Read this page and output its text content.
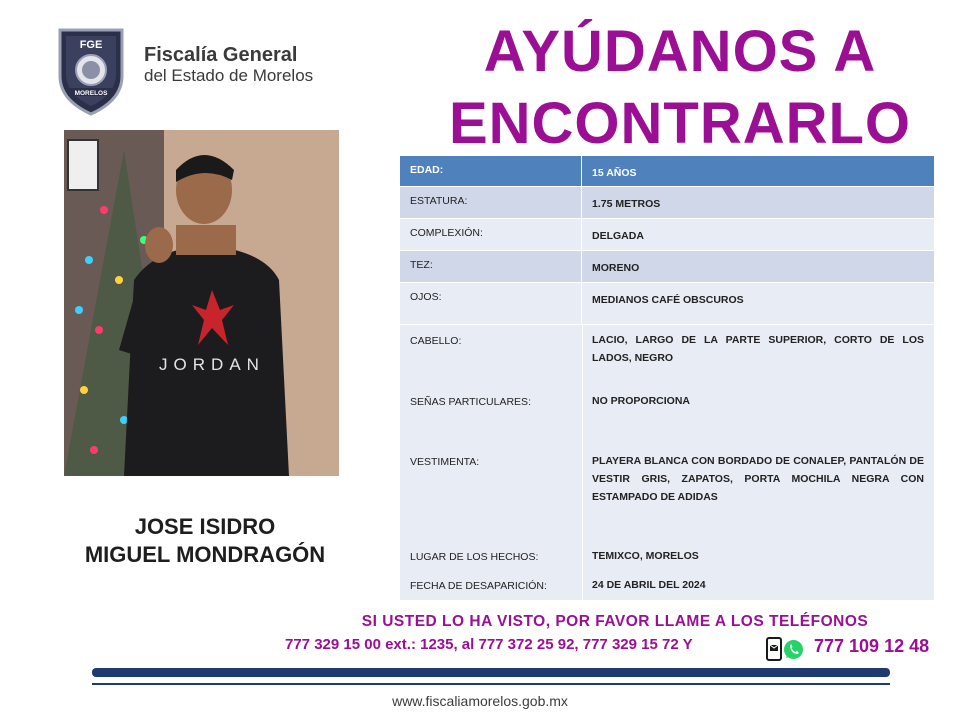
FGE
MORELOS
Fiscalía General
del Estado de Morelos	AYÚDANOS A
ENCONTRARLO
JORDAN
JOSE ISIDRO
MIGUEL MONDRAGÓN
EDAD:	15 AÑOS
ESTATURA:	1.75 METROS
COMPLEXIÓN:	DELGADA
TEZ:	MORENO
OJOS:	MEDIANOS CAFÉ OBSCUROS
CABELLO:	LACIO, LARGO DE LA PARTE SUPERIOR, CORTO DE LOS LADOS, NEGRO
SEÑAS PARTICULARES:	NO PROPORCIONA
VESTIMENTA:	PLAYERA BLANCA CON BORDADO DE CONALEP, PANTALÓN DE VESTIR GRIS, ZAPATOS, PORTA MOCHILA NEGRA CON ESTAMPADO DE ADIDAS
LUGAR DE LOS HECHOS:	TEMIXCO, MORELOS
FECHA DE DESAPARICIÓN:	24 DE ABRIL DEL 2024
SI USTED LO HA VISTO, POR FAVOR LLAME A LOS TELÉFONOS
777 329 15 00 ext.: 1235, al 777 372 25 92, 777 329 15 72 Y	777 109 12 48
www.fiscaliamorelos.gob.mx
